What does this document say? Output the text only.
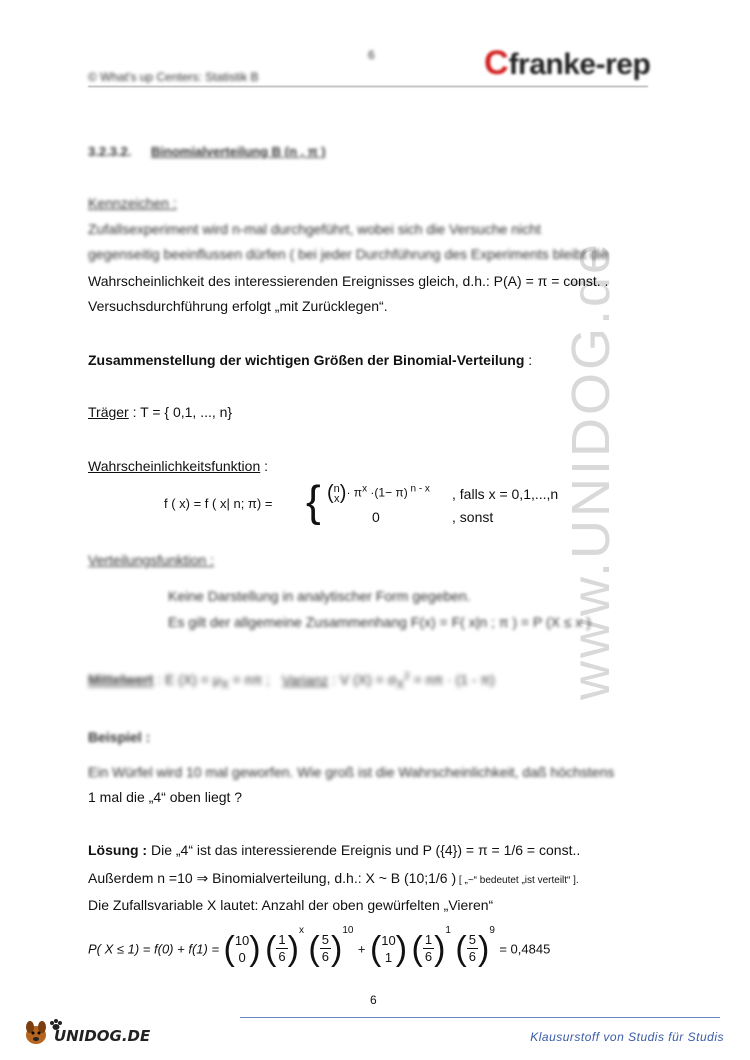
6
© What's up Centers: Statistik B	Cfranke-rep
www.UNIDOG.de
3.2.3.2. Binomialverteilung B (n , π )
Kennzeichen :
Zufallsexperiment wird n-mal durchgeführt, wobei sich die Versuche nicht
gegenseitig beeinflussen dürfen ( bei jeder Durchführung des Experiments bleibt die
Wahrscheinlichkeit des interessierenden Ereignisses gleich, d.h.: P(A) = π = const. .
Versuchsdurchführung erfolgt „mit Zurücklegen“.
Zusammenstellung der wichtigen Größen der Binomial-Verteilung :
Träger : T = { 0,1, ..., n}
Wahrscheinlichkeitsfunktion :
f ( x) = f ( x| n; π) = { (n
$x)\cdot \pi^x \cdot(1- \pi)$ $^{n - x}$ , falls x = 0,1,...,n
0	, sonst
Verteilungsfunktion :
Keine Darstellung in analytischer Form gegeben.
Es gilt der allgemeine Zusammenhang F(x) = F( x|n ; π ) = P (X ≤ x )
Mittelwert : E $(X) = \mu_X = n\pi$ ; Varianz : V $(X) = \sigma_X^2 = n\pi \cdot (1 - \pi)$
Beispiel :
Ein Würfel wird 10 mal geworfen. Wie groß ist die Wahrscheinlichkeit, daß höchstens
1 mal die „4“ oben liegt ?
Lösung : Die „4“ ist das interessierende Ereignis und P ({4}) = π = 1/6 = const..
Außerdem n =10 ⇒ Binomialverteilung, d.h.: X ~ B (10;1/6 ) [ „~“ bedeutet „ist verteilt“ ].
Die Zufallsvariable X lautet: Anzahl der oben gewürfelten „Vieren“
P( X ≤ 1) = f(0) + f(1) = (10
0 ) ( $\frac{1}{6} )^x$ ( $\frac{5}{6} )^{10} + (10$
1 ) ( $\frac{1}{6} )^1$ ( $\frac{5}{6} )^9 = 0,4845$
6
UNIDOG.DE	Klausurstoff von Studis für Studis
